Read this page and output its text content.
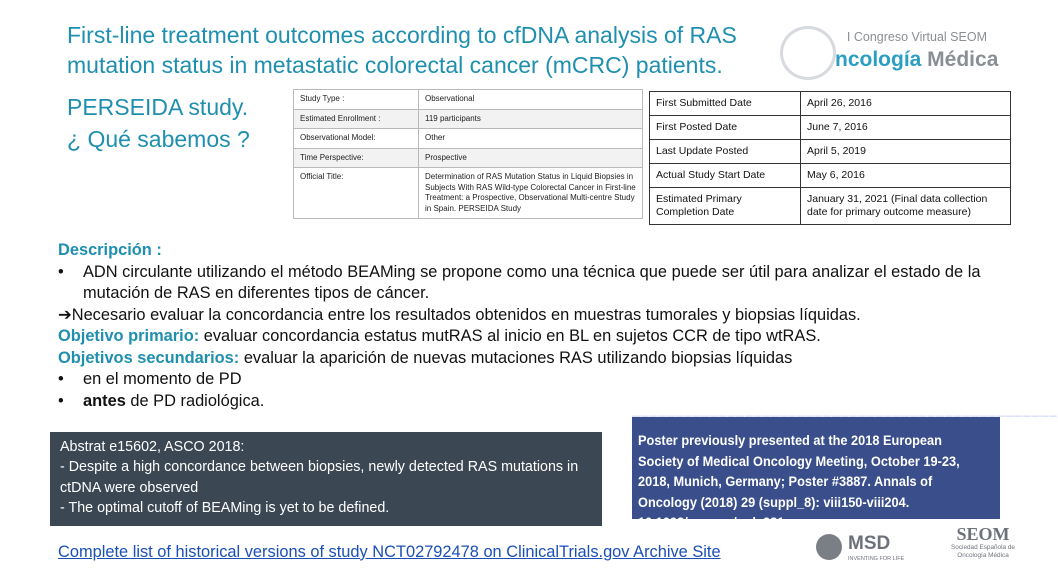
First-line treatment outcomes according to cfDNA analysis of RAS mutation status in metastatic colorectal cancer (mCRC) patients.
PERSEIDA study.
¿ Qué sabemos ?
I Congreso Virtual SEOM
ncología Médica
Study Type :	Observational
Estimated Enrollment :	119 participants
Observational Model:	Other
Time Perspective:	Prospective
Official Title:	Determination of RAS Mutation Status in Liquid Biopsies in Subjects With RAS Wild-type Colorectal Cancer in First-line Treatment: a Prospective, Observational Multi-centre Study in Spain. PERSEIDA Study
First Submitted Date	April 26, 2016
First Posted Date	June 7, 2016
Last Update Posted	April 5, 2019
Actual Study Start Date	May 6, 2016
Estimated Primary Completion Date	January 31, 2021 (Final data collection date for primary outcome measure)

Descripción :

•	ADN circulante utilizando el método BEAMing se propone como una técnica que puede ser útil para analizar el estado de la mutación de RAS en diferentes tipos de cáncer.
➔ Necesario evaluar la concordancia entre los resultados obtenidos en muestras tumorales y biopsias líquidas.

Objetivo primario: evaluar concordancia estatus mutRAS al inicio en BL en sujetos CCR de tipo wtRAS.

Objetivos secundarios: evaluar la aparición de nuevas mutaciones RAS utilizando biopsias líquidas

•	en el momento de PD
•	antes de PD radiológica.

Abstrat e15602, ASCO 2018:

- Despite a high concordance between biopsies, newly detected RAS mutations in ctDNA were observed

- The optimal cutoff of BEAMing is yet to be defined.

▔▔▔▔▔▔▔▔▔▔▔▔▔▔▔▔▔▔▔▔▔▔▔▔▔▔▔▔▔▔▔▔▔▔▔▔▔▔▔▔▔▔▔▔▔▔▔▔▔
Poster previously presented at the 2018 European Society of Medical Oncology Meeting, October 19-23, 2018, Munich, Germany; Poster #3887. Annals of Oncology (2018) 29 (suppl_8): viii150-viii204. 10.1093/annonc/mdy281
Complete list of historical versions of study NCT02792478 on ClinicalTrials.gov Archive Site	MSD
INVENTING FOR LIFE
SEOM
Sociedad Española de Oncología Médica
